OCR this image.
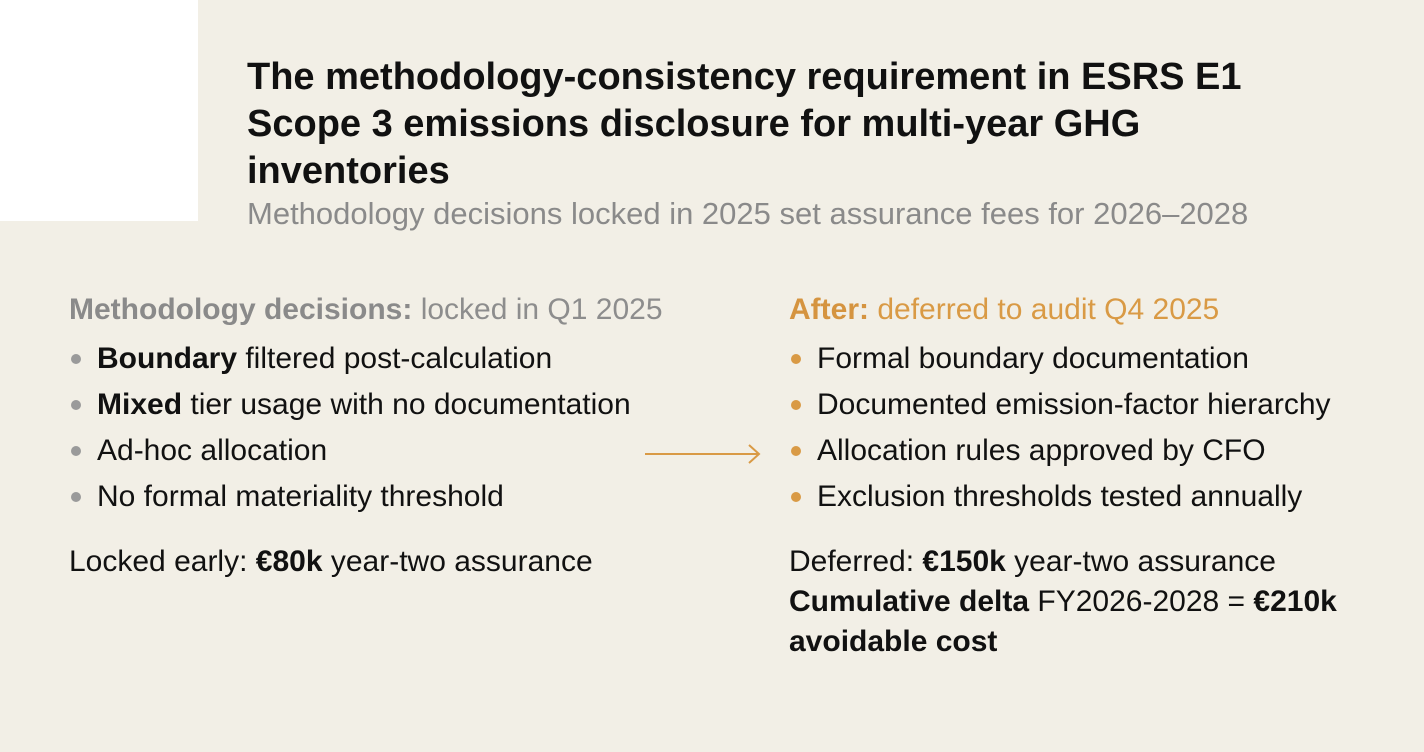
The methodology-consistency requirement in ESRS E1
Scope 3 emissions disclosure for multi-year GHG
inventories
Methodology decisions locked in 2025 set assurance fees for 2026–2028
Methodology decisions: locked in Q1 2025
Boundary filtered post-calculation
Mixed tier usage with no documentation
Ad-hoc allocation
No formal materiality threshold
Locked early: €80k year-two assurance
After: deferred to audit Q4 2025
Formal boundary documentation
Documented emission-factor hierarchy
Allocation rules approved by CFO
Exclusion thresholds tested annually
Deferred: €150k year-two assurance
Cumulative delta FY2026-2028 = €210k
avoidable cost
